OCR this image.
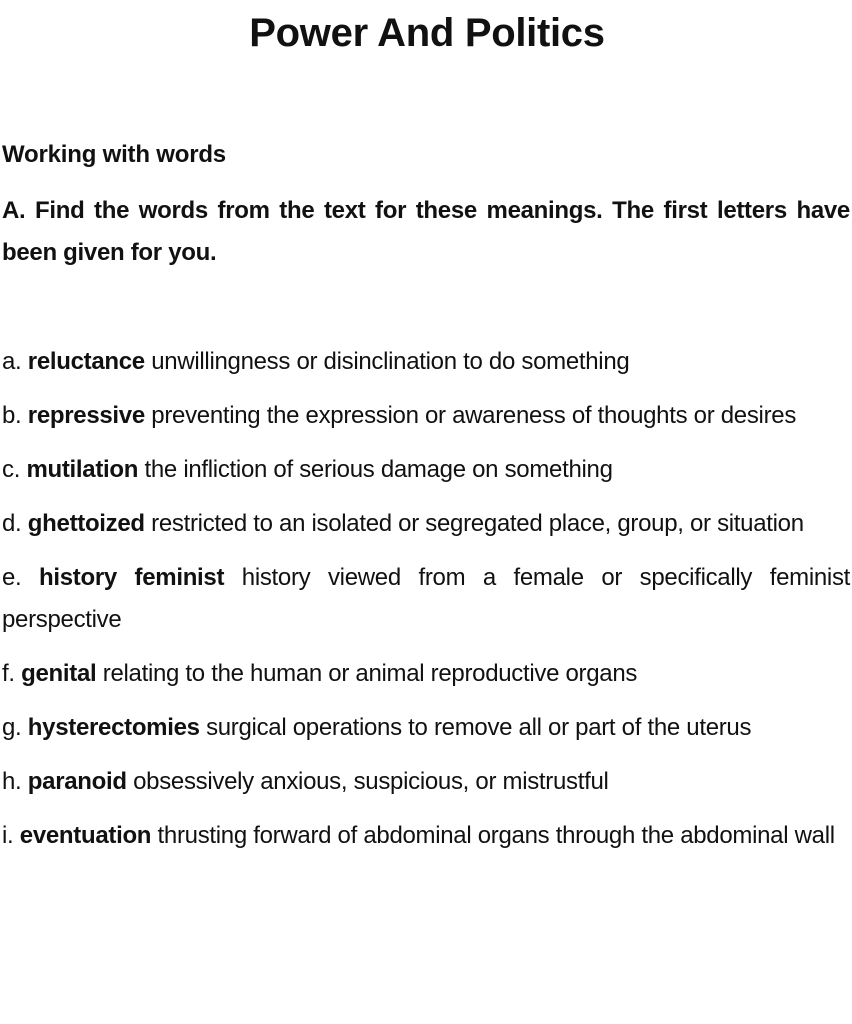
Power And Politics
Working with words

A. Find the words from the text for these meanings. The first letters have been given for you.

a. reluctance unwillingness or disinclination to do something
b. repressive preventing the expression or awareness of thoughts or desires
c. mutilation the infliction of serious damage on something
d. ghettoized restricted to an isolated or segregated place, group, or situation
e. history feminist history viewed from a female or specifically feminist perspective
f. genital relating to the human or animal reproductive organs
g. hysterectomies surgical operations to remove all or part of the uterus
h. paranoid obsessively anxious, suspicious, or mistrustful
i. eventuation thrusting forward of abdominal organs through the abdominal wall
